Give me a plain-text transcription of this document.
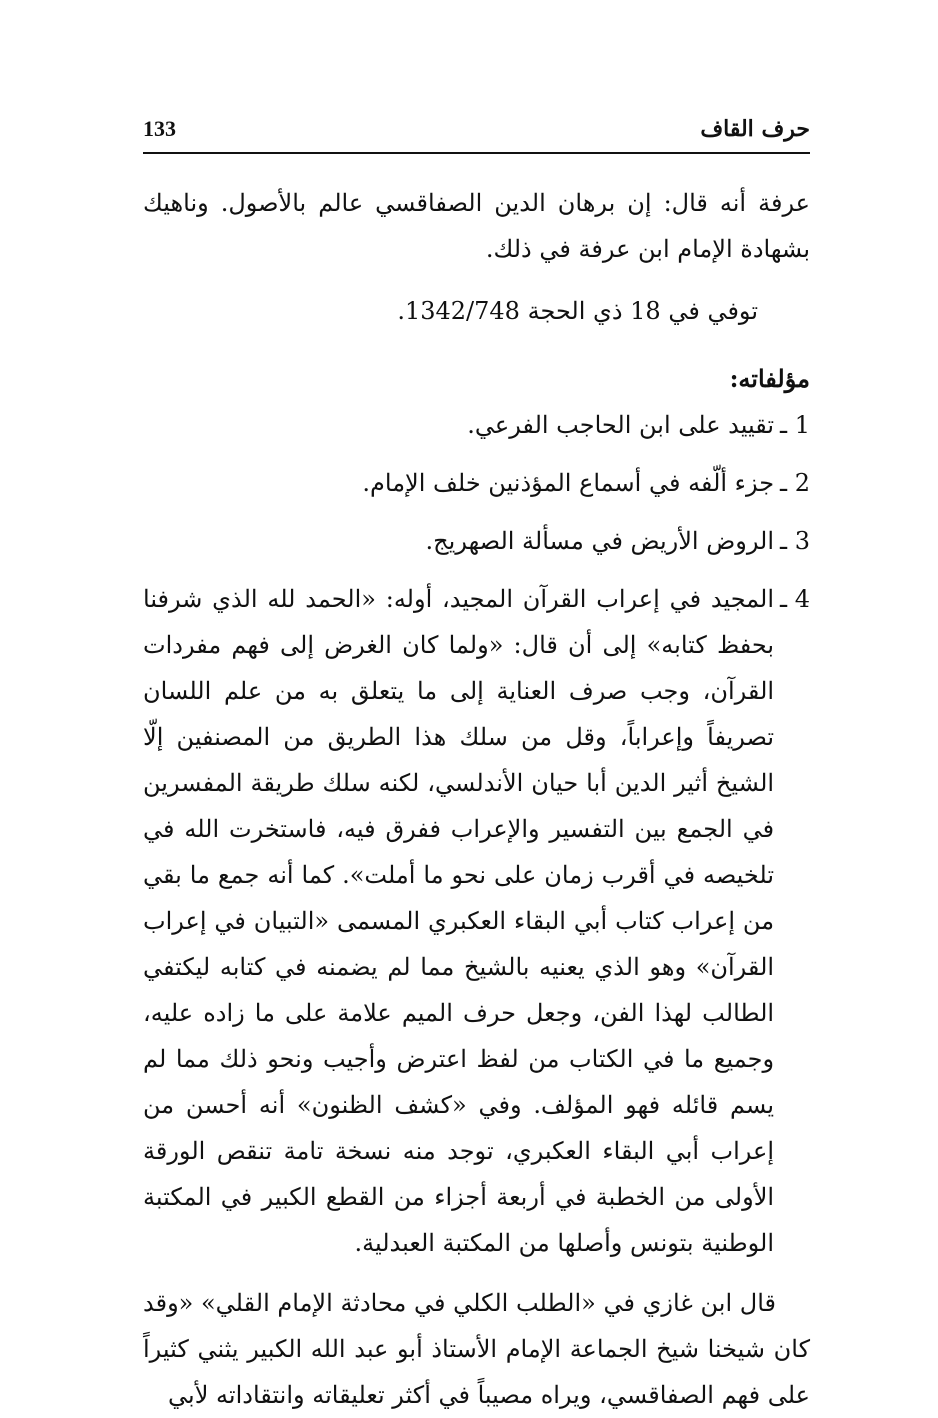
133	حرف القاف

عرفة أنه قال: إن برهان الدين الصفاقسي عالم بالأصول. وناهيك بشهادة الإمام ابن عرفة في ذلك.

توفي في 18 ذي الحجة 1342/748.

مؤلفاته:

1 ـ
تقييد على ابن الحاجب الفرعي.
2 ـ
جزء ألّفه في أسماع المؤذنين خلف الإمام.
3 ـ
الروض الأريض في مسألة الصهريج.
4 ـ
المجيد في إعراب القرآن المجيد، أوله: «الحمد لله الذي شرفنا بحفظ كتابه» إلى أن قال: «ولما كان الغرض إلى فهم مفردات القرآن، وجب صرف العناية إلى ما يتعلق به من علم اللسان تصريفاً وإعراباً، وقل من سلك هذا الطريق من المصنفين إلّا الشيخ أثير الدين أبا حيان الأندلسي، لكنه سلك طريقة المفسرين في الجمع بين التفسير والإعراب ففرق فيه، فاستخرت الله في تلخيصه في أقرب زمان على نحو ما أملت». كما أنه جمع ما بقي من إعراب كتاب أبي البقاء العكبري المسمى «التبيان في إعراب القرآن» وهو الذي يعنيه بالشيخ مما لم يضمنه في كتابه ليكتفي الطالب لهذا الفن، وجعل حرف الميم علامة على ما زاده عليه، وجميع ما في الكتاب من لفظ اعترض وأجيب ونحو ذلك مما لم يسم قائله فهو المؤلف. وفي «كشف الظنون» أنه أحسن من إعراب أبي البقاء العكبري، توجد منه نسخة تامة تنقص الورقة الأولى من الخطبة في أربعة أجزاء من القطع الكبير في المكتبة الوطنية بتونس وأصلها من المكتبة العبدلية.

قال ابن غازي في «الطلب الكلي في محادثة الإمام القلي» «وقد كان شيخنا شيخ الجماعة الإمام الأستاذ أبو عبد الله الكبير يثني كثيراً على فهم الصفاقسي، ويراه مصيباً في أكثر تعليقاته وانتقاداته لأبي
